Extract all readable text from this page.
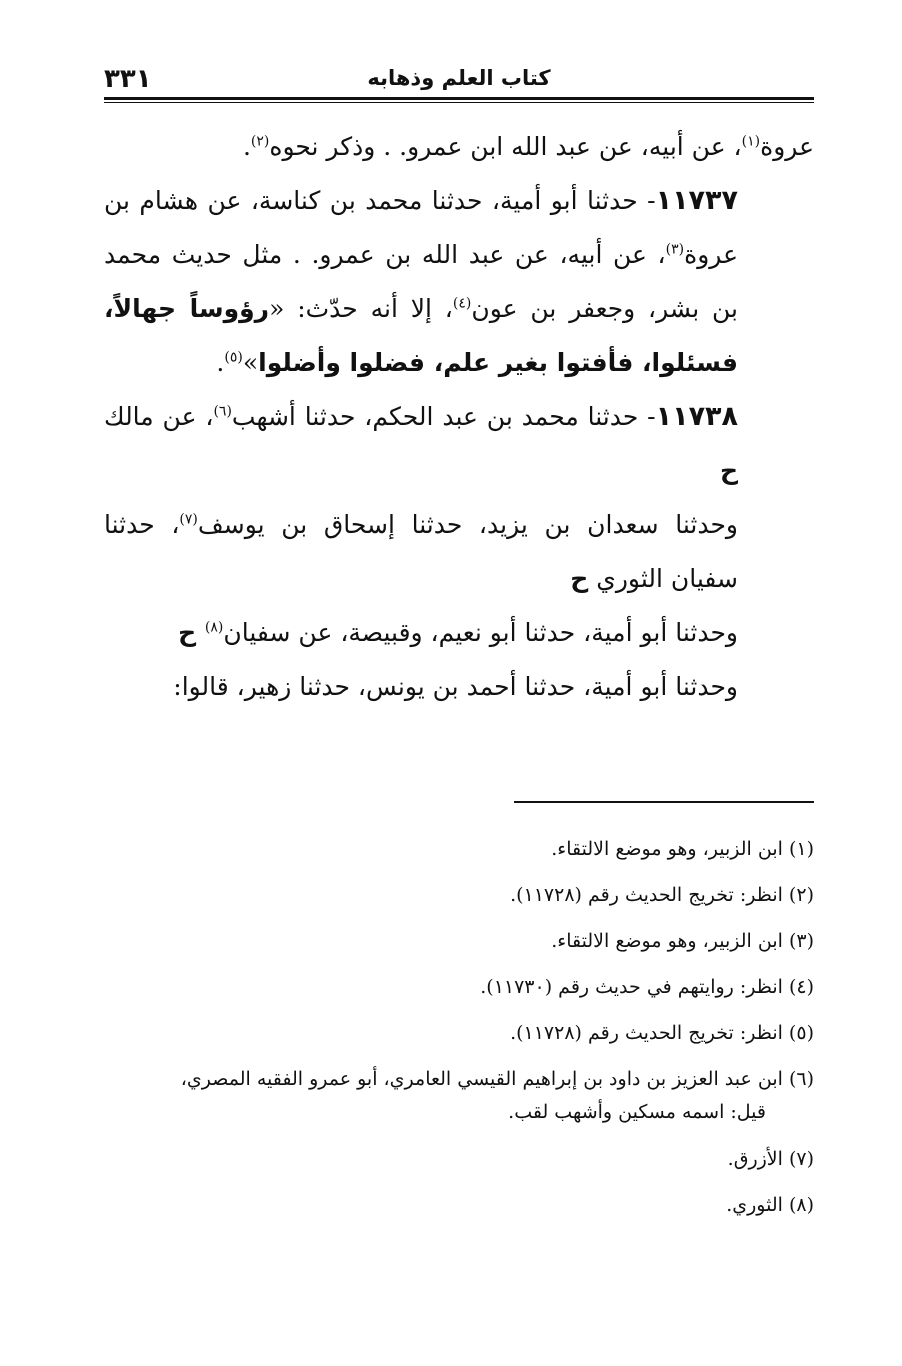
كتاب العلم وذهابه
٣٣١

عروة$^{(١)}$، عن أبيه، عن عبد الله ابن عمرو. . وذكر نحوه$^{(٢)}$.

١١٧٣٧- حدثنا أبو أمية، حدثنا محمد بن كناسة، عن هشام بن عروة$^{(٣)}$، عن أبيه، عن عبد الله بن عمرو. . مثل حديث محمد بن بشر، وجعفر بن عون$^{(٤)}$، إلا أنه حدّث: «رؤوساً جهالاً، فسئلوا، فأفتوا بغير علم، فضلوا وأضلوا»$^{(٥)}$.

١١٧٣٨- حدثنا محمد بن عبد الحكم، حدثنا أشهب$^{(٦)}$، عن مالك ح

وحدثنا سعدان بن يزيد، حدثنا إسحاق بن يوسف$^{(٧)}$، حدثنا سفيان الثوري ح

وحدثنا أبو أمية، حدثنا أبو نعيم، وقبيصة، عن سفيان$^{(٨)}$ ح

وحدثنا أبو أمية، حدثنا أحمد بن يونس، حدثنا زهير، قالوا:

(١) ابن الزبير، وهو موضع الالتقاء.

(٢) انظر: تخريج الحديث رقم (١١٧٢٨).

(٣) ابن الزبير، وهو موضع الالتقاء.

(٤) انظر: روايتهم في حديث رقم (١١٧٣٠).

(٥) انظر: تخريج الحديث رقم (١١٧٢٨).

(٦) ابن عبد العزيز بن داود بن إبراهيم القيسي العامري، أبو عمرو الفقيه المصري،

قيل: اسمه مسكين وأشهب لقب.

(٧) الأزرق.

(٨) الثوري.
